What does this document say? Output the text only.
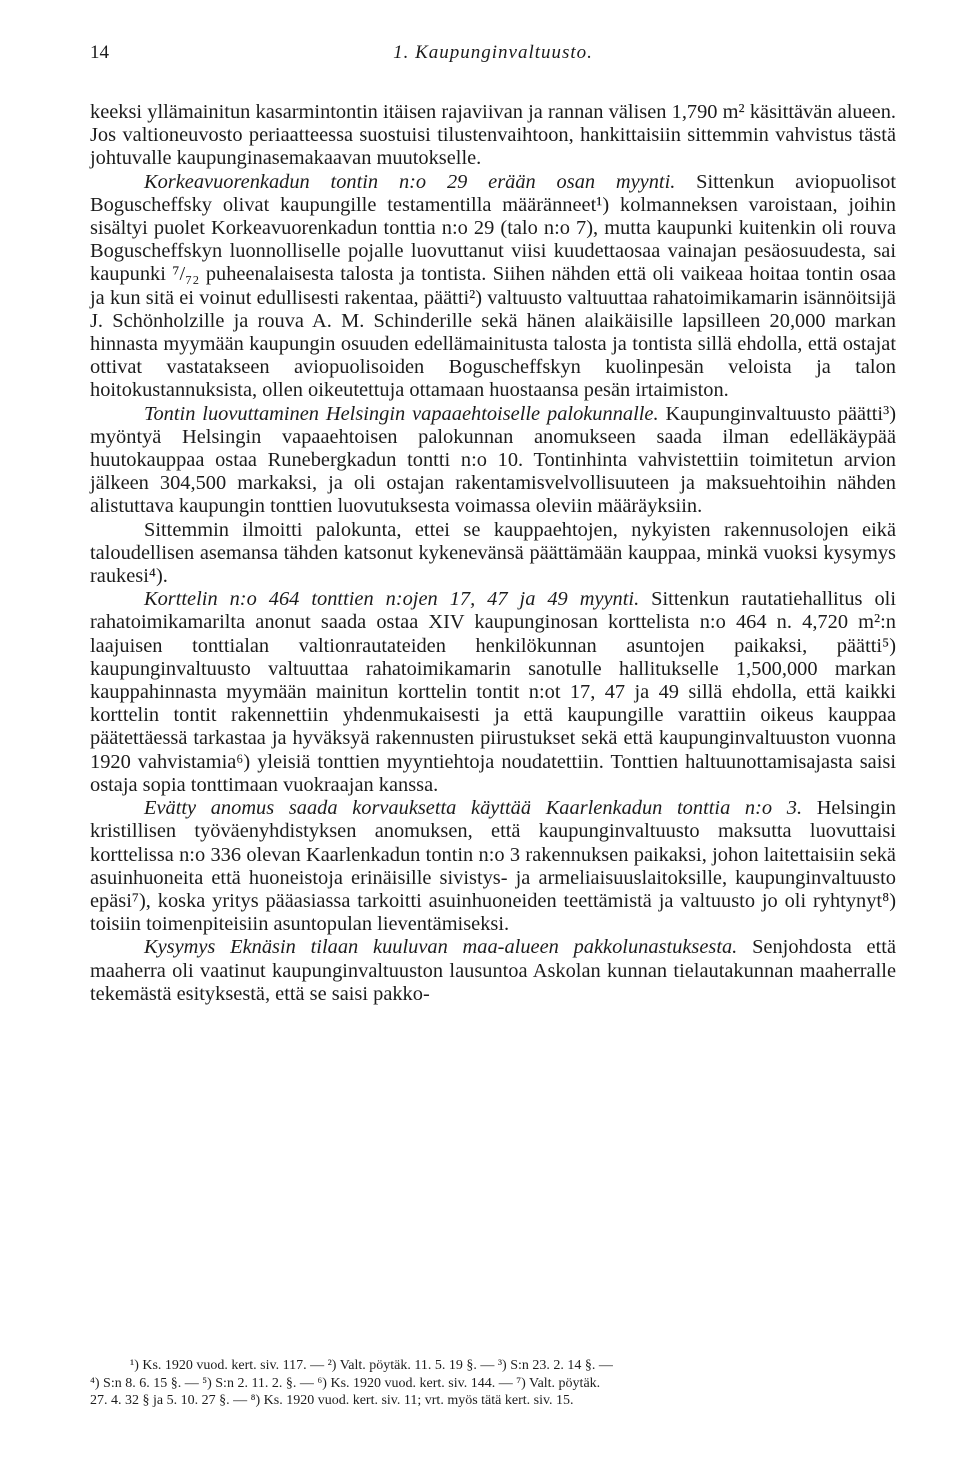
14	1. Kaupunginvaltuusto.

keeksi yllämainitun kasarmintontin itäisen rajaviivan ja rannan välisen 1,790 m² käsittävän alueen. Jos valtioneuvosto periaatteessa suostuisi tilustenvaihtoon, hankittaisiin sittemmin vahvistus tästä johtuvalle kaupunginasemakaavan muutokselle.

Korkeavuorenkadun tontin n:o 29 erään osan myynti. Sittenkun aviopuolisot Boguscheffsky olivat kaupungille testamentilla määränneet¹) kolmanneksen varoistaan, joihin sisältyi puolet Korkeavuorenkadun tonttia n:o 29 (talo n:o 7), mutta kaupunki kuitenkin oli rouva Boguscheffskyn luonnolliselle pojalle luovuttanut viisi kuudettaosaa vainajan pesäosuudesta, sai kaupunki ⁷/₇₂ puheenalaisesta talosta ja tontista. Siihen nähden että oli vaikeaa hoitaa tontin osaa ja kun sitä ei voinut edullisesti rakentaa, päätti²) valtuusto valtuuttaa rahatoimikamarin isännöitsijä J. Schönholzille ja rouva A. M. Schinderille sekä hänen alaikäisille lapsilleen 20,000 markan hinnasta myymään kaupungin osuuden edellämainitusta talosta ja tontista sillä ehdolla, että ostajat ottivat vastatakseen aviopuolisoiden Boguscheffskyn kuolinpesän veloista ja talon hoitokustannuksista, ollen oikeutettuja ottamaan huostaansa pesän irtaimiston.

Tontin luovuttaminen Helsingin vapaaehtoiselle palokunnalle. Kaupunginvaltuusto päätti³) myöntyä Helsingin vapaaehtoisen palokunnan anomukseen saada ilman edelläkäypää huutokauppaa ostaa Runebergkadun tontti n:o 10. Tontinhinta vahvistettiin toimitetun arvion jälkeen 304,500 markaksi, ja oli ostajan rakentamisvelvollisuuteen ja maksuehtoihin nähden alistuttava kaupungin tonttien luovutuksesta voimassa oleviin määräyksiin.

Sittemmin ilmoitti palokunta, ettei se kauppaehtojen, nykyisten rakennusolojen eikä taloudellisen asemansa tähden katsonut kykenevänsä päättämään kauppaa, minkä vuoksi kysymys raukesi⁴).

Korttelin n:o 464 tonttien n:ojen 17, 47 ja 49 myynti. Sittenkun rautatiehallitus oli rahatoimikamarilta anonut saada ostaa XIV kaupunginosan korttelista n:o 464 n. 4,720 m²:n laajuisen tonttialan valtionrautateiden henkilökunnan asuntojen paikaksi, päätti⁵) kaupunginvaltuusto valtuuttaa rahatoimikamarin sanotulle hallitukselle 1,500,000 markan kauppahinnasta myymään mainitun korttelin tontit n:ot 17, 47 ja 49 sillä ehdolla, että kaikki korttelin tontit rakennettiin yhdenmukaisesti ja että kaupungille varattiin oikeus kauppaa päätettäessä tarkastaa ja hyväksyä rakennusten piirustukset sekä että kaupunginvaltuuston vuonna 1920 vahvistamia⁶) yleisiä tonttien myyntiehtoja noudatettiin. Tonttien haltuunottamisajasta saisi ostaja sopia tonttimaan vuokraajan kanssa.

Evätty anomus saada korvauksetta käyttää Kaarlenkadun tonttia n:o 3. Helsingin kristillisen työväenyhdistyksen anomuksen, että kaupunginvaltuusto maksutta luovuttaisi korttelissa n:o 336 olevan Kaarlenkadun tontin n:o 3 rakennuksen paikaksi, johon laitettaisiin sekä asuinhuoneita että huoneistoja erinäisille sivistys- ja armeliaisuuslaitoksille, kaupunginvaltuusto epäsi⁷), koska yritys pääasiassa tarkoitti asuinhuoneiden teettämistä ja valtuusto jo oli ryhtynyt⁸) toisiin toimenpiteisiin asuntopulan lieventämiseksi.

Kysymys Eknäsin tilaan kuuluvan maa-alueen pakkolunastuksesta. Senjohdosta että maaherra oli vaatinut kaupunginvaltuuston lausuntoa Askolan kunnan tielautakunnan maaherralle tekemästä esityksestä, että se saisi pakko-

¹) Ks. 1920 vuod. kert. siv. 117. — ²) Valt. pöytäk. 11. 5. 19 §. — ³) S:n 23. 2. 14 §. —

⁴) S:n 8. 6. 15 §. — ⁵) S:n 2. 11. 2. §. — ⁶) Ks. 1920 vuod. kert. siv. 144. — ⁷) Valt. pöytäk.

27. 4. 32 § ja 5. 10. 27 §. — ⁸) Ks. 1920 vuod. kert. siv. 11; vrt. myös tätä kert. siv. 15.
